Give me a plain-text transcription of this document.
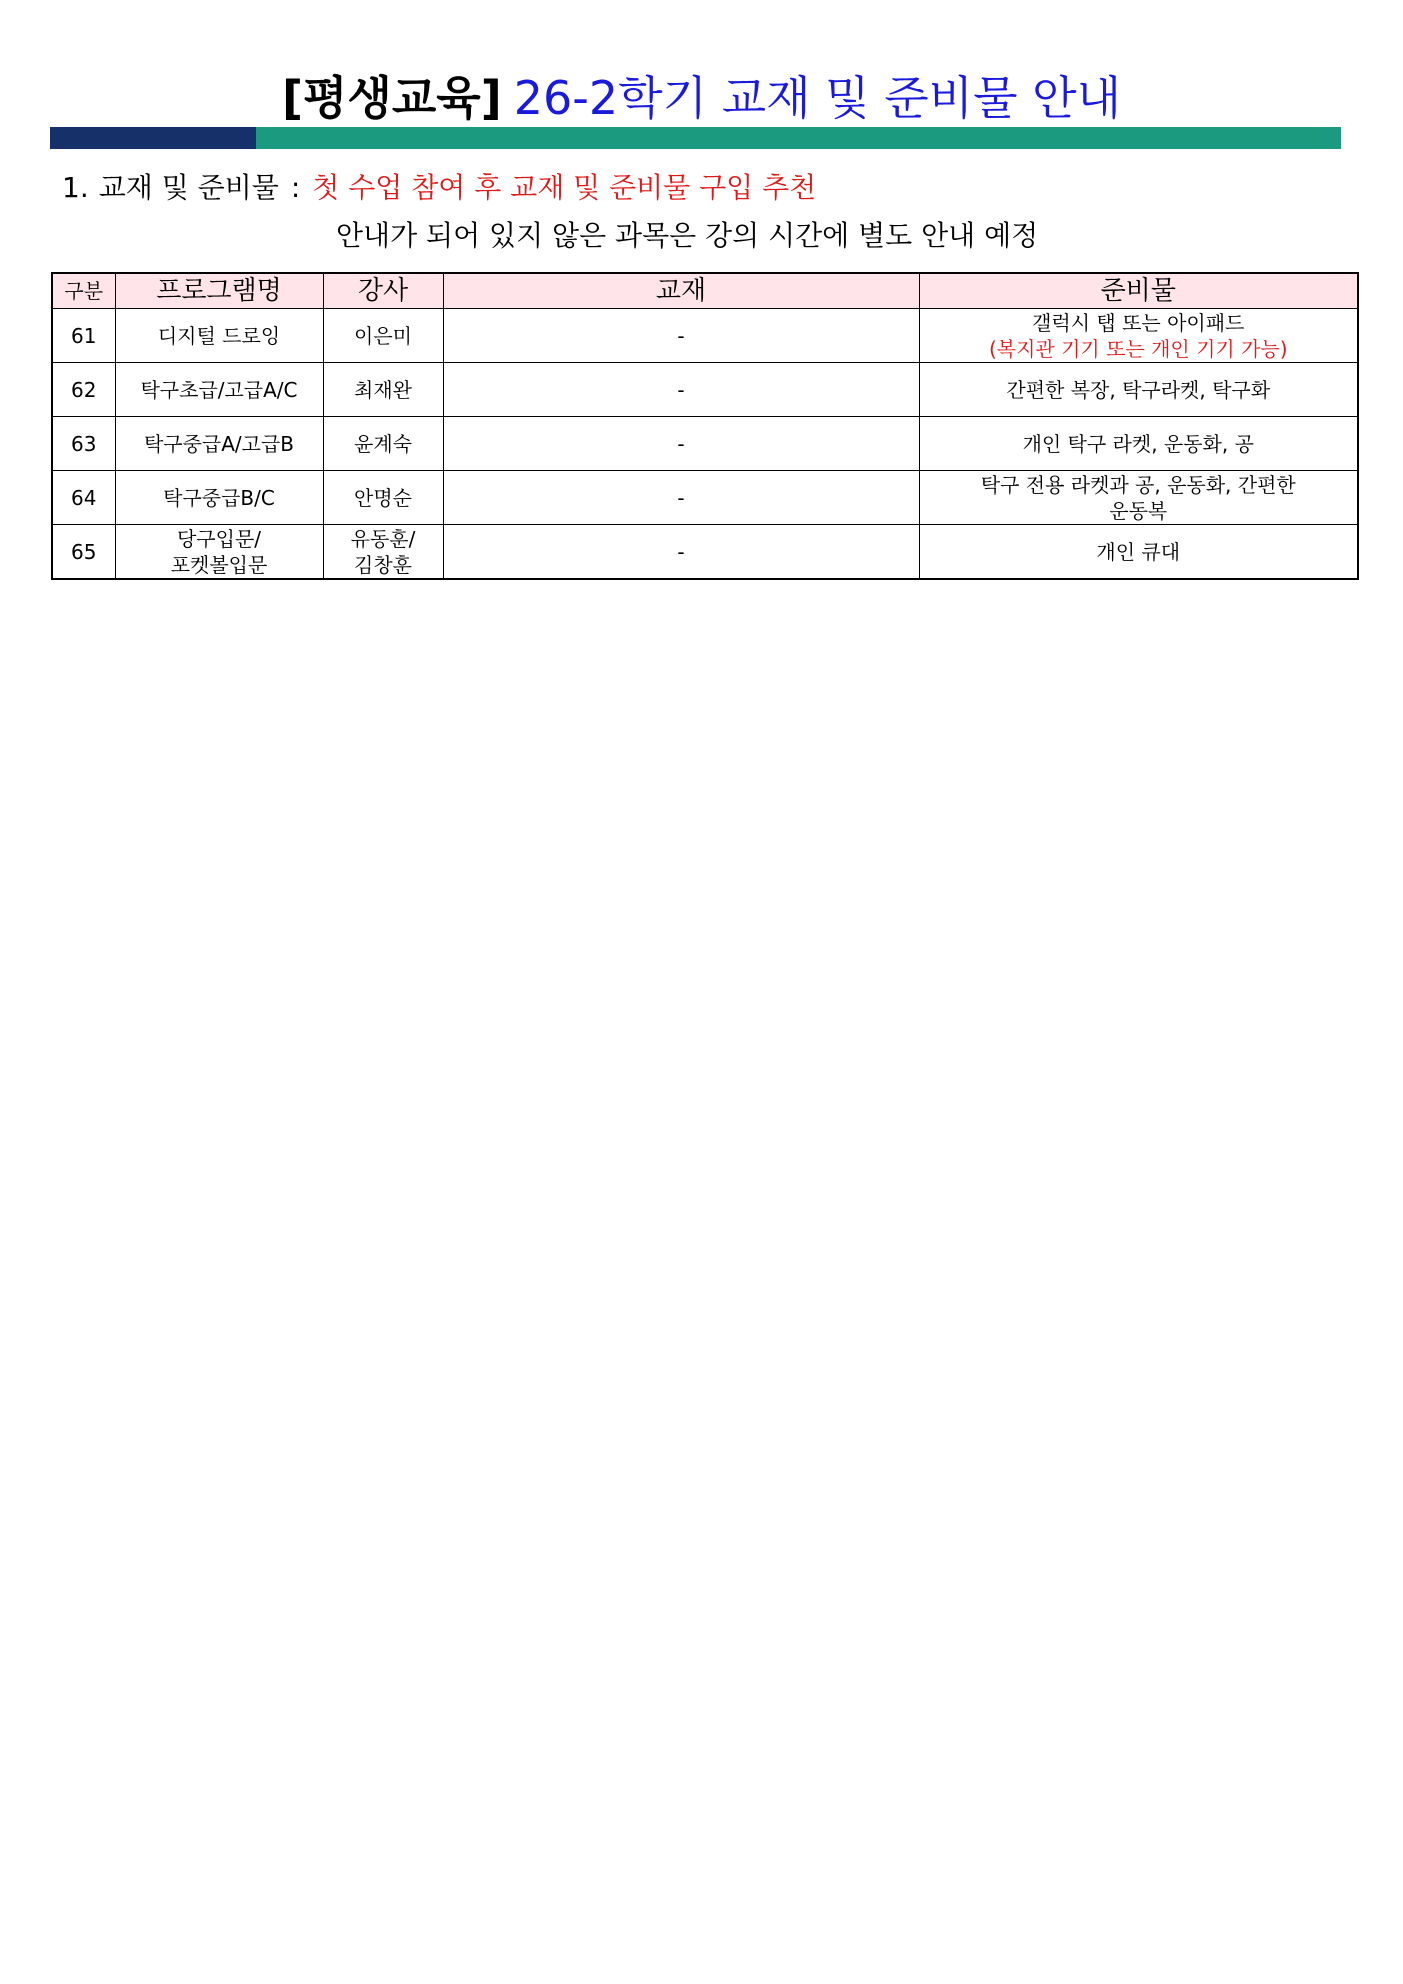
[평생교육] 26-2학기 교재 및 준비물 안내
1. 교재 및 준비물 : 첫 수업 참여 후 교재 및 준비물 구입 추천
안내가 되어 있지 않은 과목은 강의 시간에 별도 안내 예정
구분	프로그램명	강사	교재	준비물
61	디지털 드로잉	이은미	-	갤럭시 탭 또는 아이패드
(복지관 기기 또는 개인 기기 가능)

62	탁구초급/고급A/C	최재완	-	간편한 복장, 탁구라켓, 탁구화
63	탁구중급A/고급B	윤계숙	-	개인 탁구 라켓, 운동화, 공
64	탁구중급B/C	안명순	-	탁구 전용 라켓과 공, 운동화, 간편한
운동복

65	당구입문/
포켓볼입문	유동훈/
김창훈	-	개인 큐대
